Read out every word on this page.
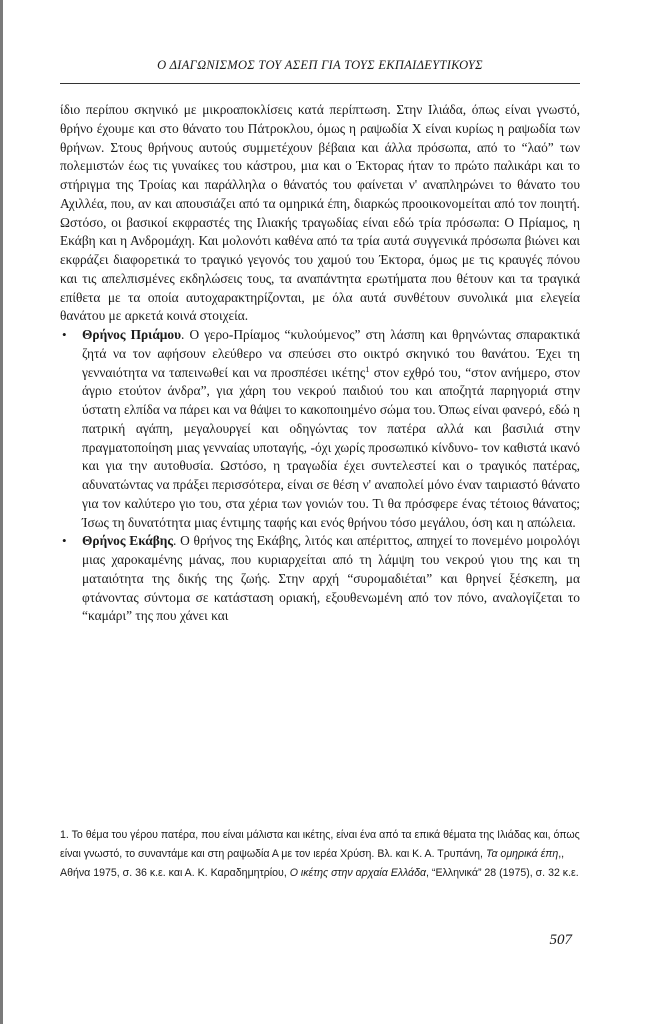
Ο ΔΙΑΓΩΝΙΣΜΟΣ ΤΟΥ ΑΣΕΠ ΓΙΑ ΤΟΥΣ ΕΚΠΑΙΔΕΥΤΙΚΟΥΣ

ίδιο περίπου σκηνικό με μικροαποκλίσεις κατά περίπτωση. Στην Ιλιάδα, όπως είναι γνωστό, θρήνο έχουμε και στο θάνατο του Πάτροκλου, όμως η ραψωδία Χ είναι κυρίως η ραψωδία των θρήνων. Στους θρήνους αυτούς συμμετέχουν βέβαια και άλλα πρόσωπα, από το “λαό” των πολεμιστών έως τις γυναίκες του κάστρου, μια και ο Έκτορας ήταν το πρώτο παλικάρι και το στήριγμα της Τροίας και παράλληλα ο θάνατός του φαίνεται ν' αναπληρώνει το θάνατο του Αχιλλέα, που, αν και απουσιάζει από τα ομηρικά έπη, διαρκώς προοικονομείται από τον ποιητή. Ωστόσο, οι βασικοί εκφραστές της Ιλιακής τραγωδίας είναι εδώ τρία πρόσωπα: Ο Πρίαμος, η Εκάβη και η Ανδρομάχη. Και μολονότι καθένα από τα τρία αυτά συγγενικά πρόσωπα βιώνει και εκφράζει διαφορετικά το τραγικό γεγονός του χαμού του Έκτορα, όμως με τις κραυγές πόνου και τις απελπισμένες εκδηλώσεις τους, τα αναπάντητα ερωτήματα που θέτουν και τα τραγικά επίθετα με τα οποία αυτοχαρακτηρίζονται, με όλα αυτά συνθέτουν συνολικά μια ελεγεία θανάτου με αρκετά κοινά στοιχεία.

• Θρήνος Πριάμου. Ο γερο-Πρίαμος “κυλούμενος” στη λάσπη και θρηνώντας σπαρακτικά ζητά να τον αφήσουν ελεύθερο να σπεύσει στο οικτρό σκηνικό του θανάτου. Έχει τη γενναιότητα να ταπεινωθεί και να προσπέσει ικέτης$^1$ στον εχθρό του, “στον ανήμερο, στον άγριο ετούτον άνδρα”, για χάρη του νεκρού παιδιού του και αποζητά παρηγοριά στην ύστατη ελπίδα να πάρει και να θάψει το κακοποιημένο σώμα του. Όπως είναι φανερό, εδώ η πατρική αγάπη, μεγαλουργεί και οδηγώντας τον πατέρα αλλά και βασιλιά στην πραγματοποίηση μιας γενναίας υποταγής, -όχι χωρίς προσωπικό κίνδυνο- τον καθιστά ικανό και για την αυτοθυσία. Ωστόσο, η τραγωδία έχει συντελεστεί και ο τραγικός πατέρας, αδυνατώντας να πράξει περισσότερα, είναι σε θέση ν' αναπολεί μόνο έναν ταιριαστό θάνατο για τον καλύτερο γιο του, στα χέρια των γονιών του. Τι θα πρόσφερε ένας τέτοιος θάνατος; Ίσως τη δυνατότητα μιας έντιμης ταφής και ενός θρήνου τόσο μεγάλου, όση και η απώλεια.
• Θρήνος Εκάβης. Ο θρήνος της Εκάβης, λιτός και απέριττος, απηχεί το πονεμένο μοιρολόγι μιας χαροκαμένης μάνας, που κυριαρχείται από τη λάμψη του νεκρού γιου της και τη ματαιότητα της δικής της ζωής. Στην αρχή “συρομαδιέται” και θρηνεί ξέσκεπη, μα φτάνοντας σύντομα σε κατάσταση οριακή, εξουθενωμένη από τον πόνο, αναλογίζεται το “καμάρι” της που χάνει και

1. Το θέμα του γέρου πατέρα, που είναι μάλιστα και ικέτης, είναι ένα από τα επικά θέματα της Ιλιάδας και, όπως είναι γνωστό, το συναντάμε και στη ραψωδία Α με τον ιερέα Χρύση. Βλ. και Κ. Α. Τρυπάνη, Τα ομηρικά έπη,, Αθήνα 1975, σ. 36 κ.ε. και Α. Κ. Καραδημητρίου, Ο ικέτης στην αρχαία Ελλάδα, “Ελληνικά” 28 (1975), σ. 32 κ.ε.

507
